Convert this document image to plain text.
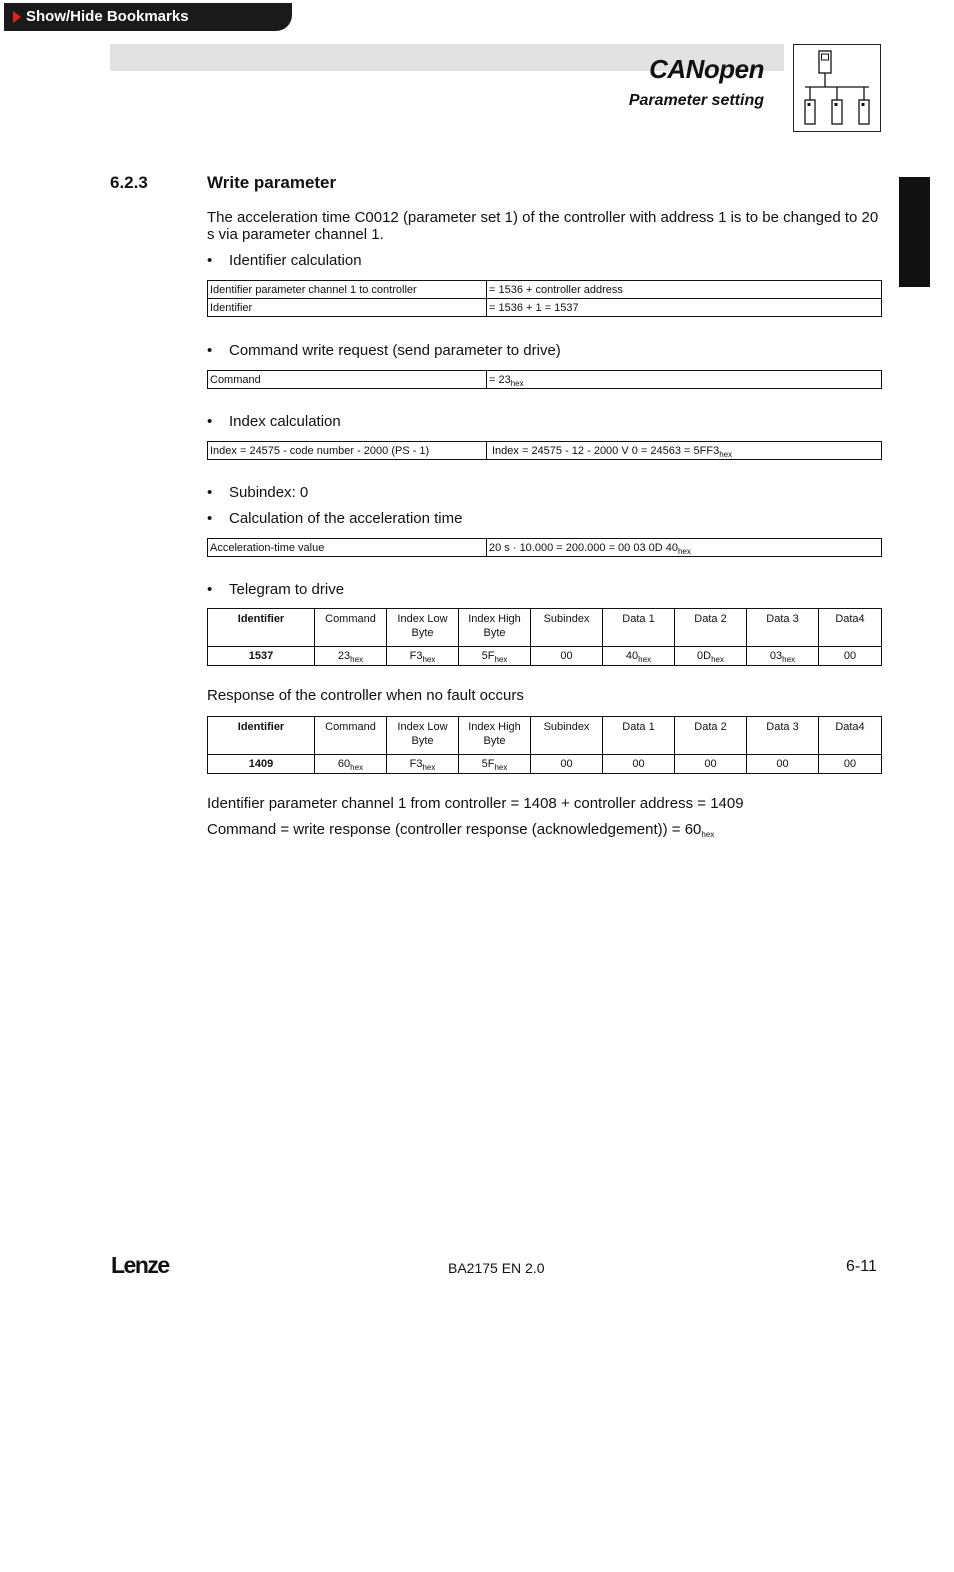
Show/Hide Bookmarks
CANopen
Parameter setting
6.2.3	Write parameter
The acceleration time C0012 (parameter set 1) of the controller with address 1 is to be changed to 20 s via parameter channel 1.
• Identifier calculation
Identifier parameter channel 1 to controller	= 1536 + controller address
Identifier	= 1536 + 1 = 1537
• Command write request (send parameter to drive)
Command	= $23_{hex}$
• Index calculation
Index = 24575 - code number - 2000 (PS - 1)	Index = 24575 - 12 - 2000 V $0 = 24563 = 5FF3_{hex}$
• Subindex: 0
• Calculation of the acceleration time
Acceleration-time value	20 s · 10.000 = 200.000 = 00 03 0D $40_{hex}$
• Telegram to drive
Identifier	Command	Index Low Byte	Index High Byte	Subindex	Data 1	Data 2	Data 3	Data4
1537	$23_{hex}$	$F3_{hex}$	$5F_{hex}$	00	$40_{hex}$	$0D_{hex}$	$03_{hex}$	00
Response of the controller when no fault occurs
Identifier	Command	Index Low Byte	Index High Byte	Subindex	Data 1	Data 2	Data 3	Data4
1409	$60_{hex}$	$F3_{hex}$	$5F_{hex}$	00	00	00	00	00
Identifier parameter channel 1 from controller = 1408 + controller address = 1409
Command = write response (controller response (acknowledgement)) = $60_{hex}$
Lenze	BA2175 EN 2.0	6-11
